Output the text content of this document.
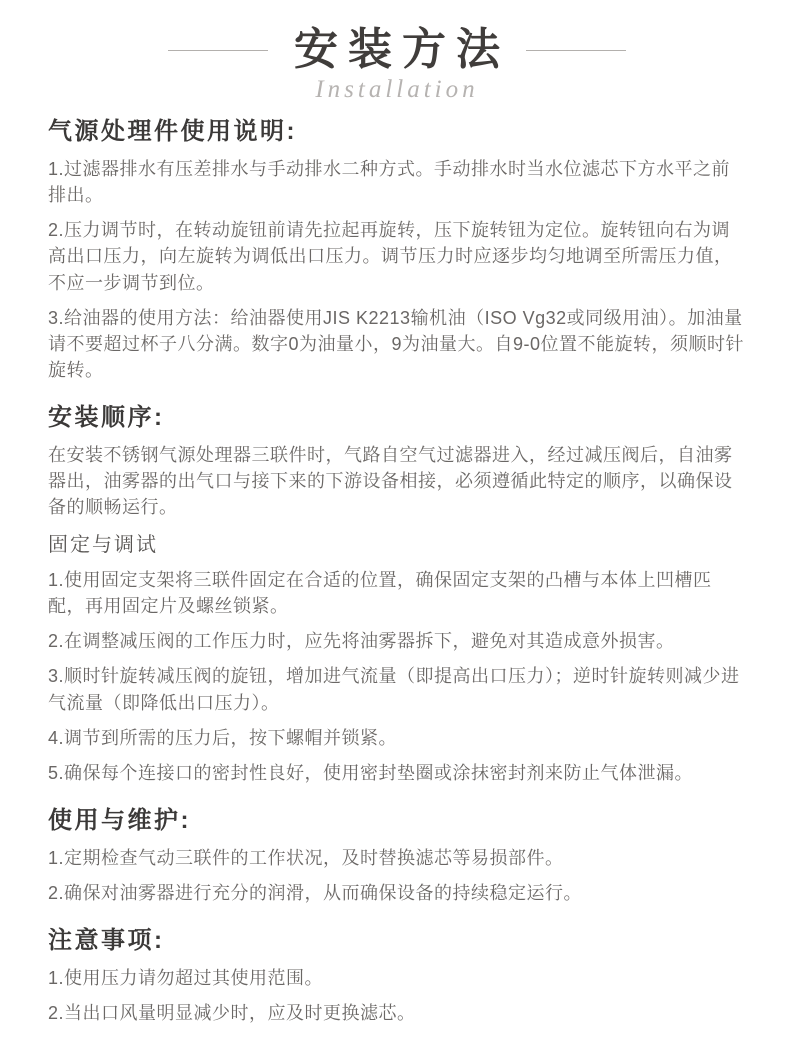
安装方法
Installation
气源处理件使用说明:

1.过滤器排水有压差排水与手动排水二种方式。手动排水时当水位滤芯下方水平之前排出。

2.压力调节时，在转动旋钮前请先拉起再旋转，压下旋转钮为定位。旋转钮向右为调高出口压力，向左旋转为调低出口压力。调节压力时应逐步均匀地调至所需压力值，不应一步调节到位。

3.给油器的使用方法：给油器使用JIS K2213输机油（ISO Vg32或同级用油）。加油量请不要超过杯子八分满。数字0为油量小，9为油量大。自9-0位置不能旋转，须顺时针旋转。

安装顺序:

在安装不锈钢气源处理器三联件时，气路自空气过滤器进入，经过减压阀后，自油雾器出，油雾器的出气口与接下来的下游设备相接，必须遵循此特定的顺序，以确保设备的顺畅运行。

固定与调试

1.使用固定支架将三联件固定在合适的位置，确保固定支架的凸槽与本体上凹槽匹配，再用固定片及螺丝锁紧。

2.在调整减压阀的工作压力时，应先将油雾器拆下，避免对其造成意外损害。

3.顺时针旋转减压阀的旋钮，增加进气流量（即提高出口压力）；逆时针旋转则减少进气流量（即降低出口压力）。

4.调节到所需的压力后，按下螺帽并锁紧。

5.确保每个连接口的密封性良好，使用密封垫圈或涂抹密封剂来防止气体泄漏。

使用与维护:

1.定期检查气动三联件的工作状况，及时替换滤芯等易损部件。

2.确保对油雾器进行充分的润滑，从而确保设备的持续稳定运行。

注意事项:

1.使用压力请勿超过其使用范围。

2.当出口风量明显减少时，应及时更换滤芯。
